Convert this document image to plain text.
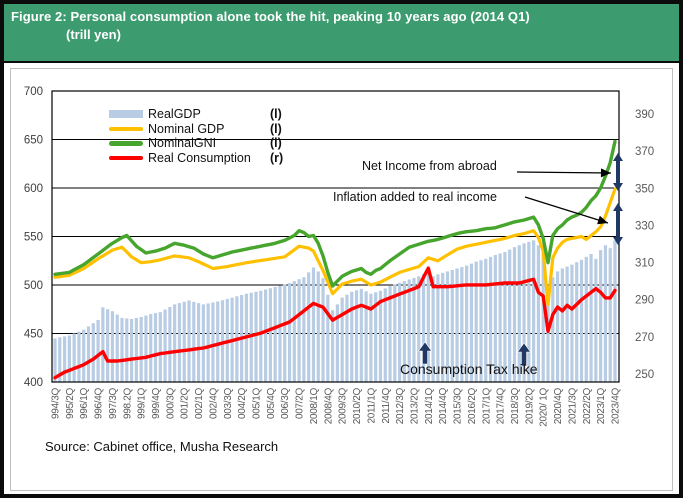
Figure 2: Personal consumption alone took the hit, peaking 10 years ago (2014 Q1)
(trill yen)
700
650
600
550
500
450
400
390
370
350
330
310
290
270
250
994/3Q 995/2Q 996/1Q 996/4Q 997/3Q 998.2Q 999/1Q 999/4Q 000/3Q 001/2Q 002/1Q 002/4Q 003/3Q 004/2Q 005/1Q 005/4Q 006/3Q 007/2Q 2008/1Q 2008/4Q 2009/3Q 2010/2Q 2011/1Q 2011/4Q 2012/3Q 2013/2Q 2014/1Q 2014/4Q 2015/3Q 2016/2Q 2017/1Q 2017/4Q 2018/3Q 2019/2Q 2020/ 1Q 2020/4Q 2021/3Q 2022/2Q 2023/1Q 2023/4Q
RealGDP	(l)
Nominal GDP	(l)
NominalGNI	(l)
Real Consumption (r)
Net Income from abroad
Inflation added to real income
Consumption Tax hike
Source: Cabinet office, Musha Research
